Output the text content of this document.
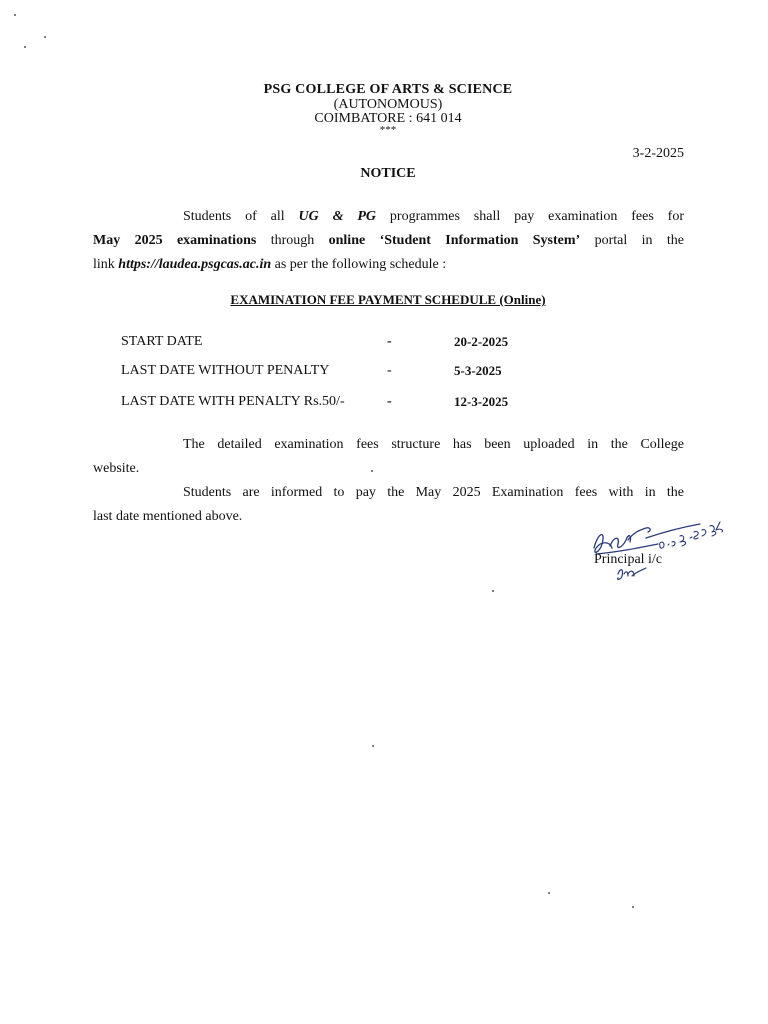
PSG COLLEGE OF ARTS & SCIENCE
(AUTONOMOUS)
COIMBATORE : 641 014
***
3-2-2025
NOTICE
Students of all UG & PG programmes shall pay examination fees for
May 2025 examinations through online ‘Student Information System’ portal in the
link https://laudea.psgcas.ac.in as per the following schedule :
EXAMINATION FEE PAYMENT SCHEDULE (Online)
START DATE	-	20-2-2025
LAST DATE WITHOUT PENALTY	-	5-3-2025
LAST DATE WITH PENALTY Rs.50/-	-	12-3-2025
The detailed examination fees structure has been uploaded in the College
website.
Students are informed to pay the May 2025 Examination fees with in the
last date mentioned above.
Principal i/c
